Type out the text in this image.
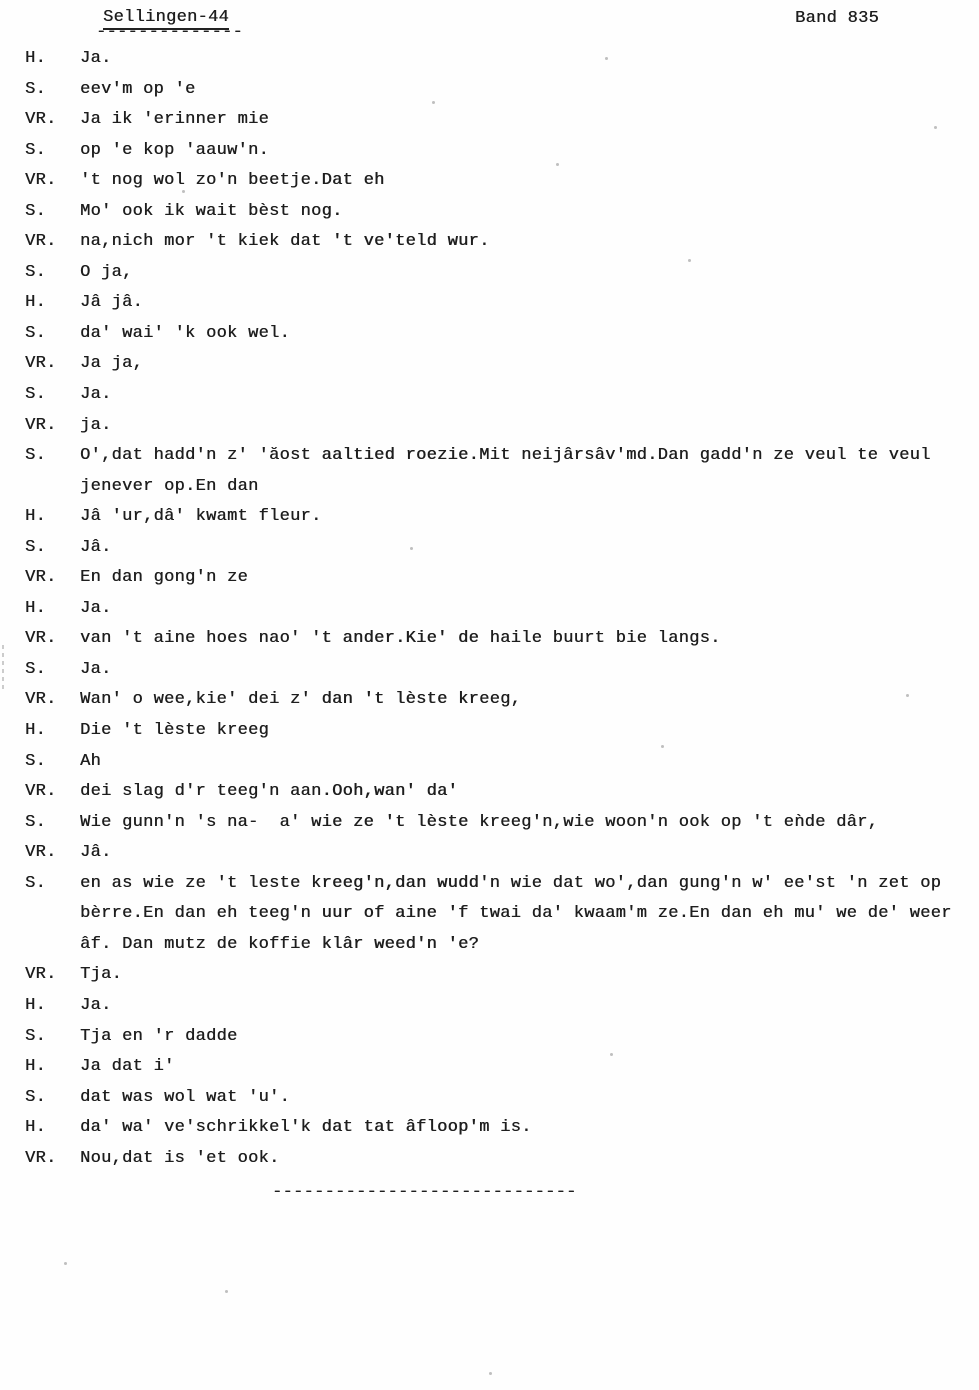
Sellingen-44
--------------
Band 835
H.	Ja.
S.	eev'm op 'e
VR.	Ja ik 'erinner mie
S.	op 'e kop 'aauw'n.
VR.	't nog wol zo'n beetje.Dat eh
S.	Mo' ook ik wait bèst nog.
VR.	na,nich mor 't kiek dat 't ve'teld wur.
S.	O ja,
H.	Jâ jâ.
S.	da' wai' 'k ook wel.
VR.	Ja ja,
S.	Ja.
VR.	ja.
S.	O',dat hadd'n z' 'ăost aaltied roezie.Mit neijârsâv'md.Dan gadd'n ze veul te veul
jenever op.En dan
H.	Jâ 'ur,dâ' kwamt fleur.
S.	Jâ.
VR.	En dan gong'n ze
H.	Ja.
VR.	van 't aine hoes nao' 't ander.Kie' de haile buurt bie langs.
S.	Ja.
VR.	Wan' o wee,kie' dei z' dan 't lèste kreeg,
H.	Die 't lèste kreeg
S.	Ah
VR.	dei slag d'r teeg'n aan.Ooh,wan' da'
S.	Wie gunn'n 's na-  a' wie ze 't lèste kreeg'n,wie woon'n ook op 't eǹde dâr,
VR.	Jâ.
S.	en as wie ze 't leste kreeg'n,dan wudd'n wie dat wo',dan gung'n w' ee'st 'n zet op
bèrre.En dan eh teeg'n uur of aine 'f twai da' kwaam'm ze.En dan eh mu' we de' weer
âf. Dan mutz de koffie klâr weed'n 'e?
VR.	Tja.
H.	Ja.
S.	Tja en 'r dadde
H.	Ja dat i'
S.	dat was wol wat 'u'.
H.	da' wa' ve'schrikkel'k dat tat âfloop'm is.
VR.	Nou,dat is 'et ook.
-----------------------------
